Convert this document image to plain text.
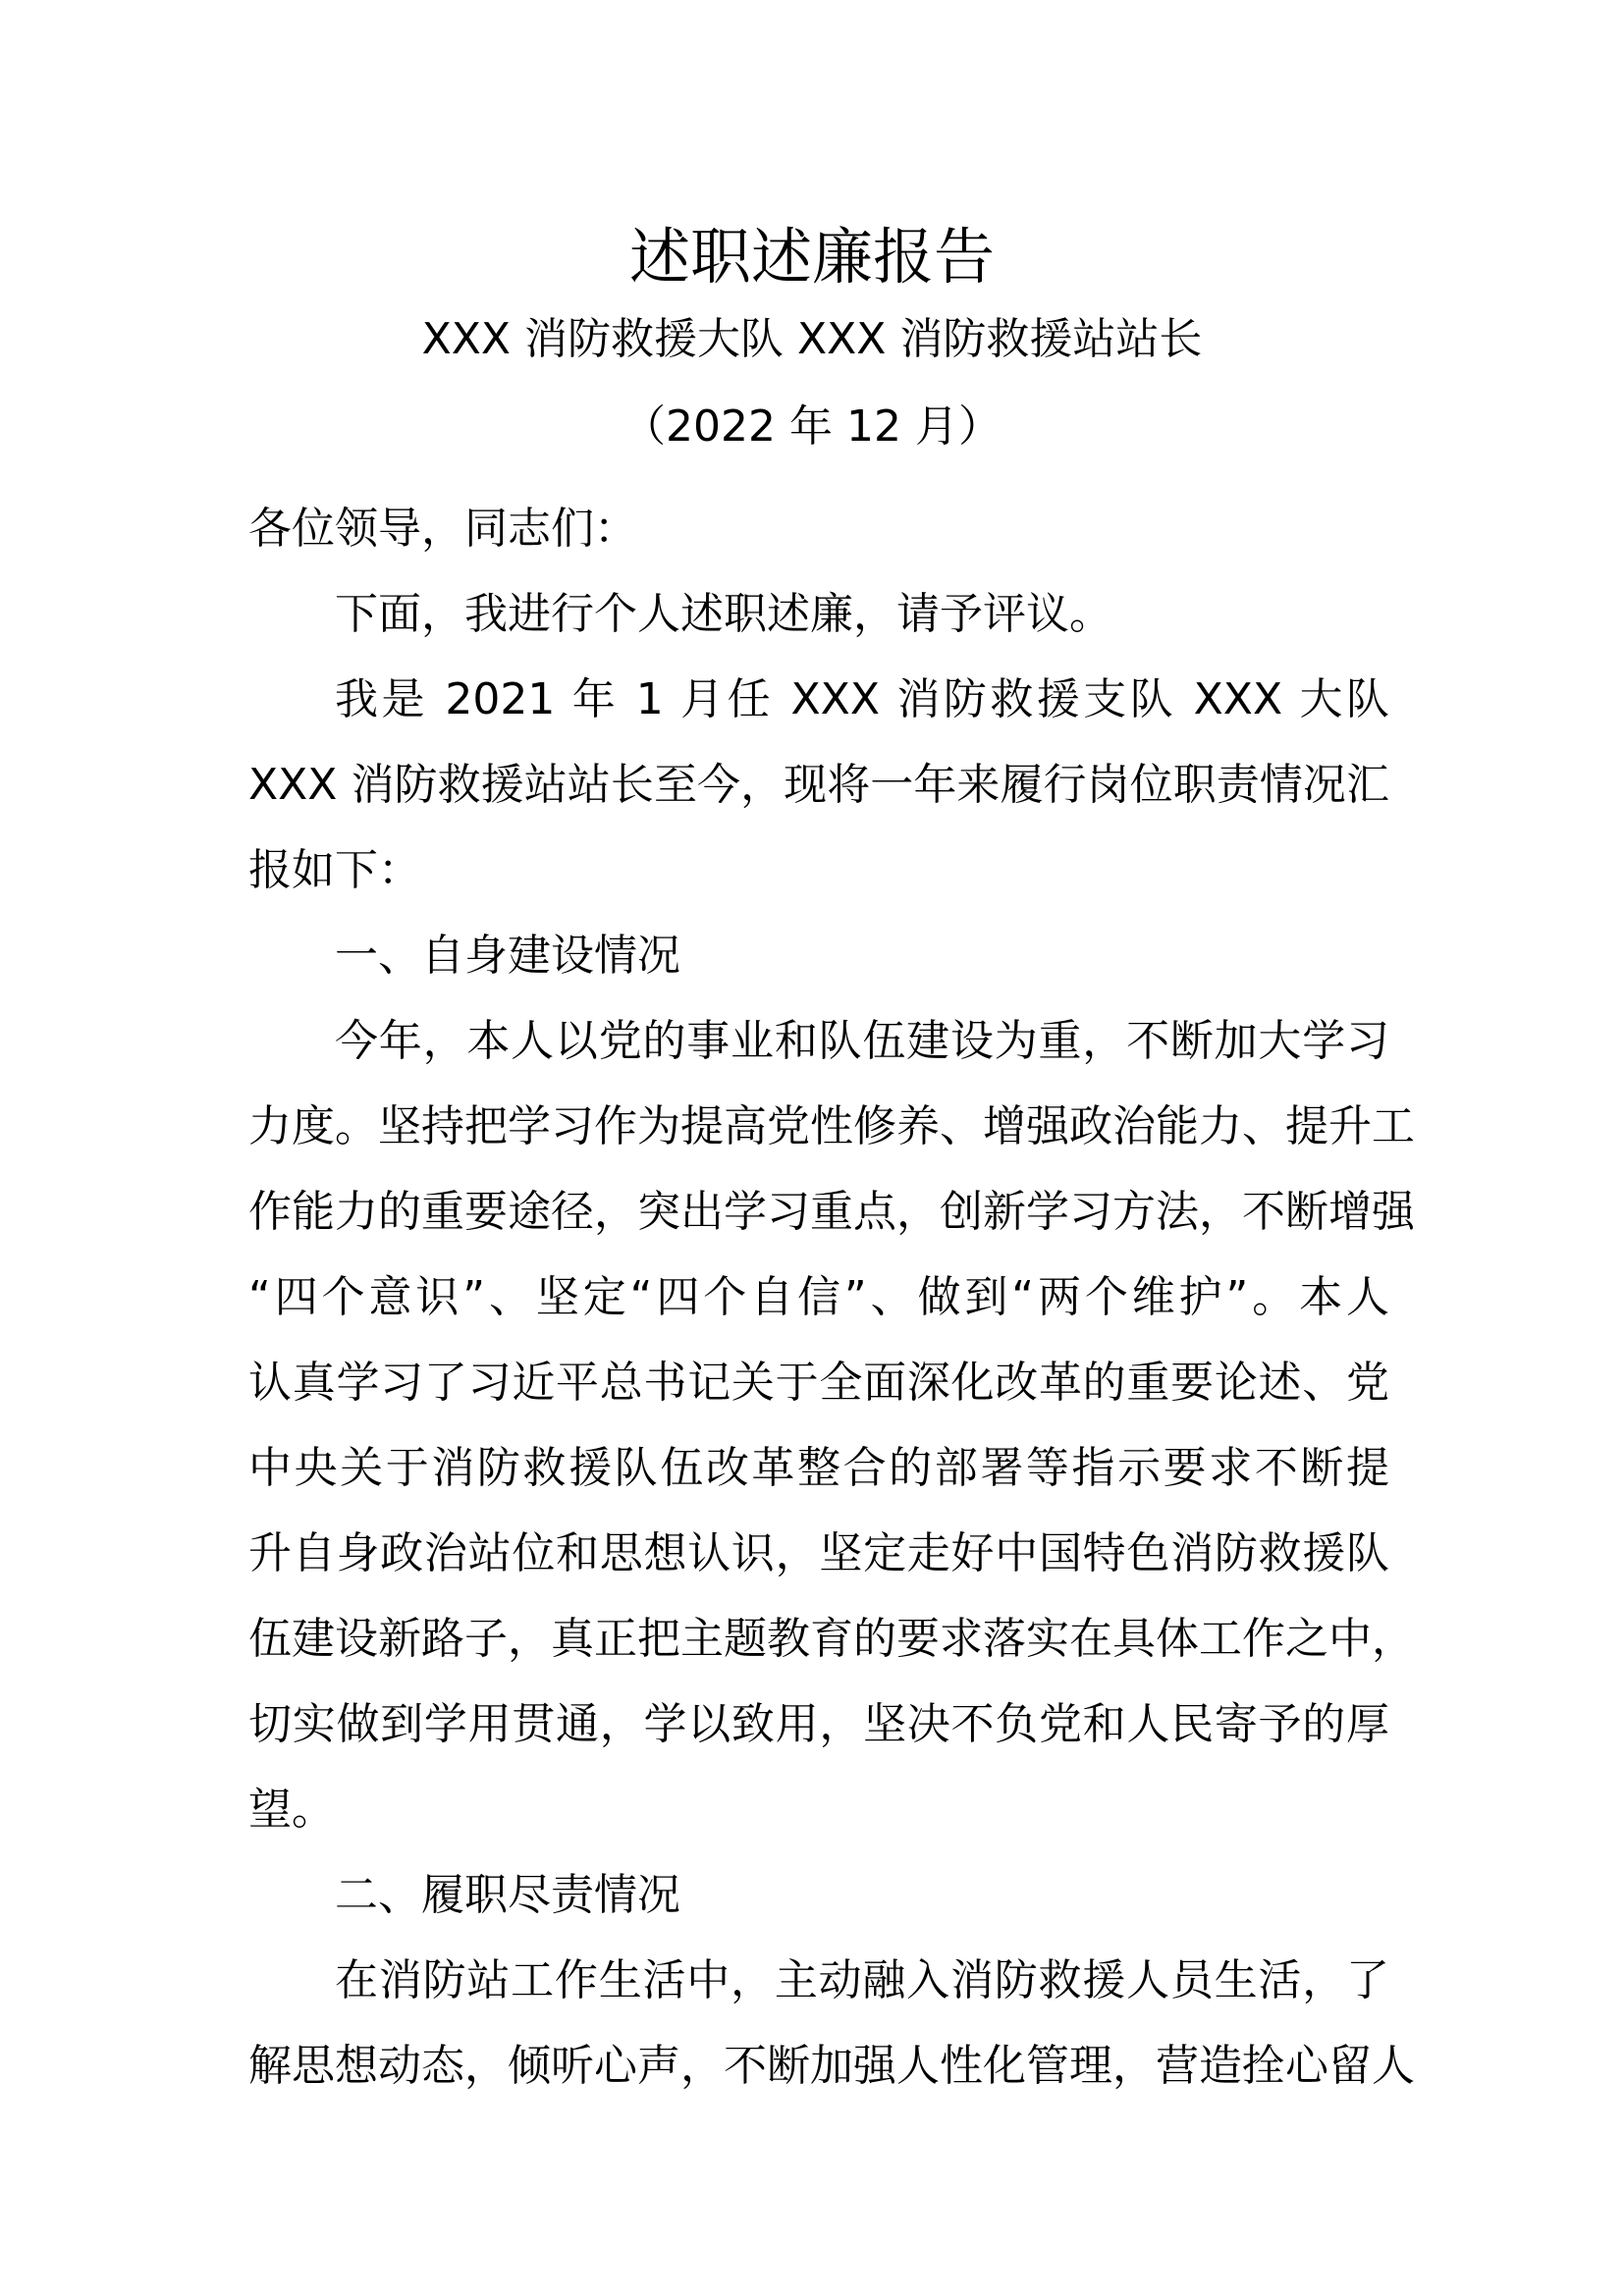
述职述廉报告
XXX 消防救援大队 XXX 消防救援站站长
（2022 年 12 月）

各位领导，同志们：

下面，我进行个人述职述廉，请予评议。

我是 2021 年 1 月任 XXX 消防救援支队 XXX 大队
XXX 消防救援站站长至今，现将一年来履行岗位职责情况汇
报如下：

一、自身建设情况

今年，本人以党的事业和队伍建设为重，不断加大学习
力度。坚持把学习作为提高党性修养、增强政治能力、提升工
作能力的重要途径，突出学习重点，创新学习方法，不断增强
“四个意识”、坚定“四个自信”、做到“两个维护”。本人
认真学习了习近平总书记关于全面深化改革的重要论述、党
中央关于消防救援队伍改革整合的部署等指示要求不断提
升自身政治站位和思想认识，坚定走好中国特色消防救援队
伍建设新路子，真正把主题教育的要求落实在具体工作之中，
切实做到学用贯通，学以致用，坚决不负党和人民寄予的厚
望。

二、履职尽责情况

在消防站工作生活中，主动融入消防救援人员生活，了
解思想动态，倾听心声，不断加强人性化管理，营造拴心留人
